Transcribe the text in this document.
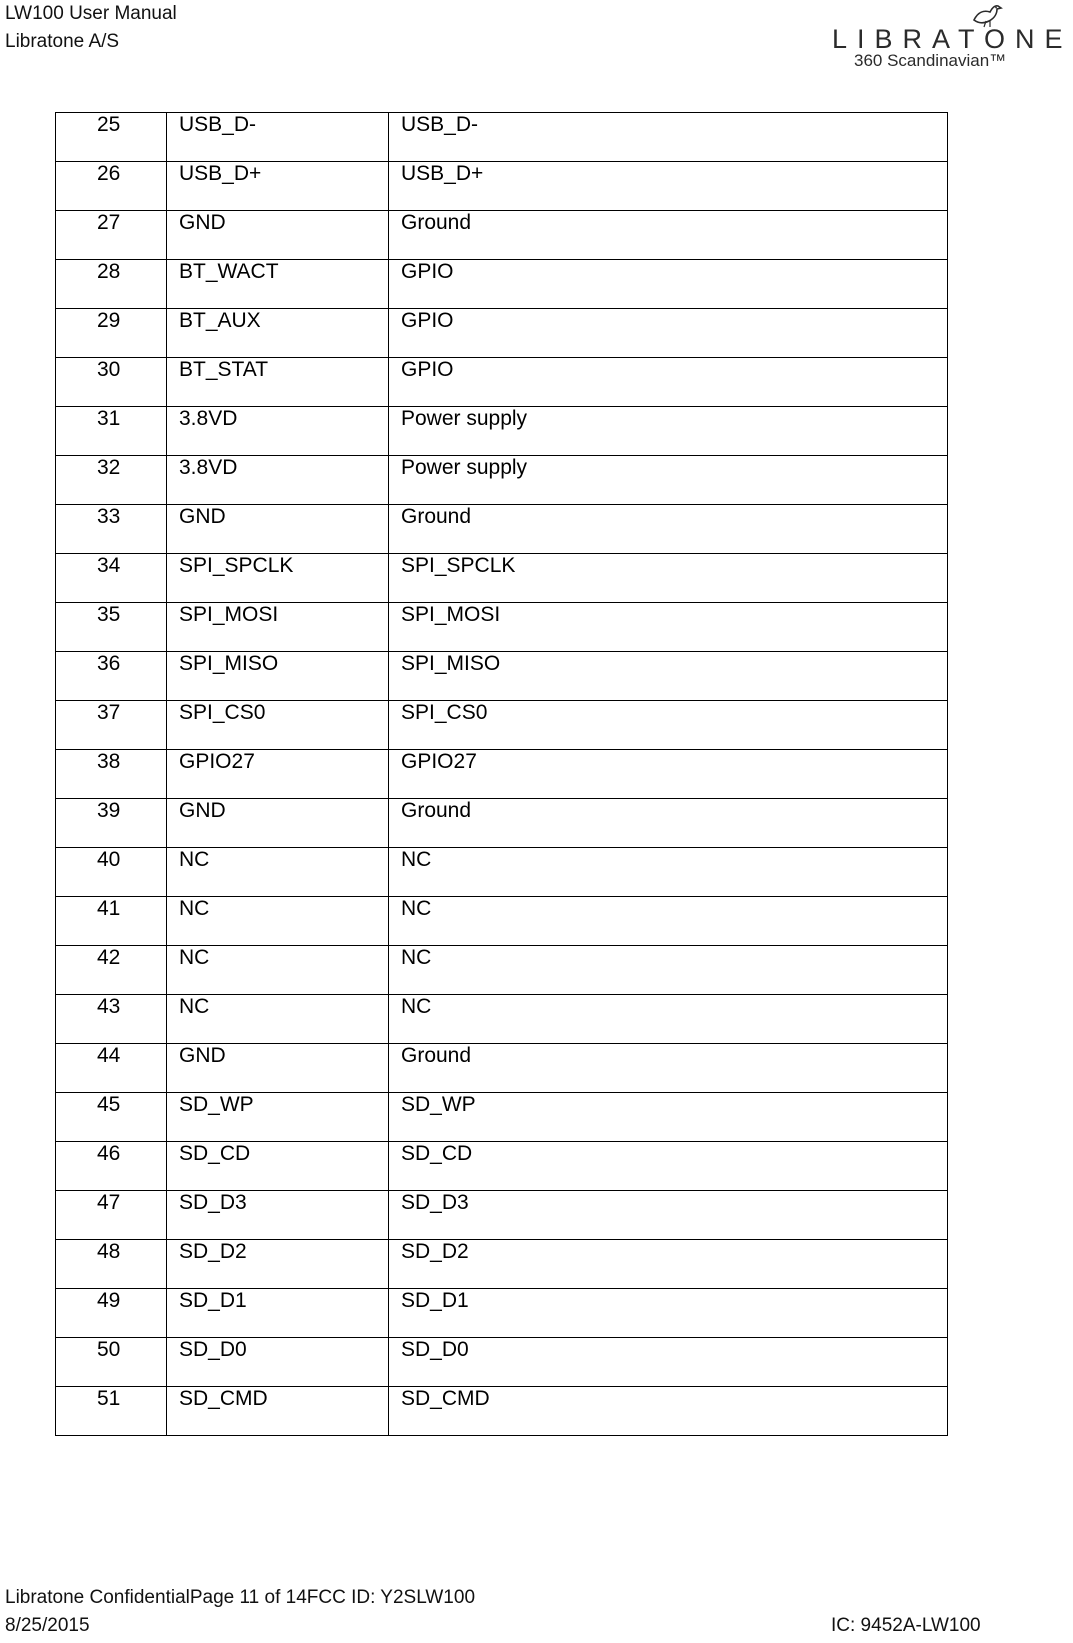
LW100 User Manual
Libratone A/S	LIBRATONE
360 Scandinavian™
25	USB_D-	USB_D-
26	USB_D+	USB_D+
27	GND	Ground
28	BT_WACT	GPIO
29	BT_AUX	GPIO
30	BT_STAT	GPIO
31	3.8VD	Power supply
32	3.8VD	Power supply
33	GND	Ground
34	SPI_SPCLK	SPI_SPCLK
35	SPI_MOSI	SPI_MOSI
36	SPI_MISO	SPI_MISO
37	SPI_CS0	SPI_CS0
38	GPIO27	GPIO27
39	GND	Ground
40	NC	NC
41	NC	NC
42	NC	NC
43	NC	NC
44	GND	Ground
45	SD_WP	SD_WP
46	SD_CD	SD_CD
47	SD_D3	SD_D3
48	SD_D2	SD_D2
49	SD_D1	SD_D1
50	SD_D0	SD_D0
51	SD_CMD	SD_CMD
Libratone ConfidentialPage 11 of 14FCC ID: Y2SLW100
8/25/2015	IC: 9452A-LW100
